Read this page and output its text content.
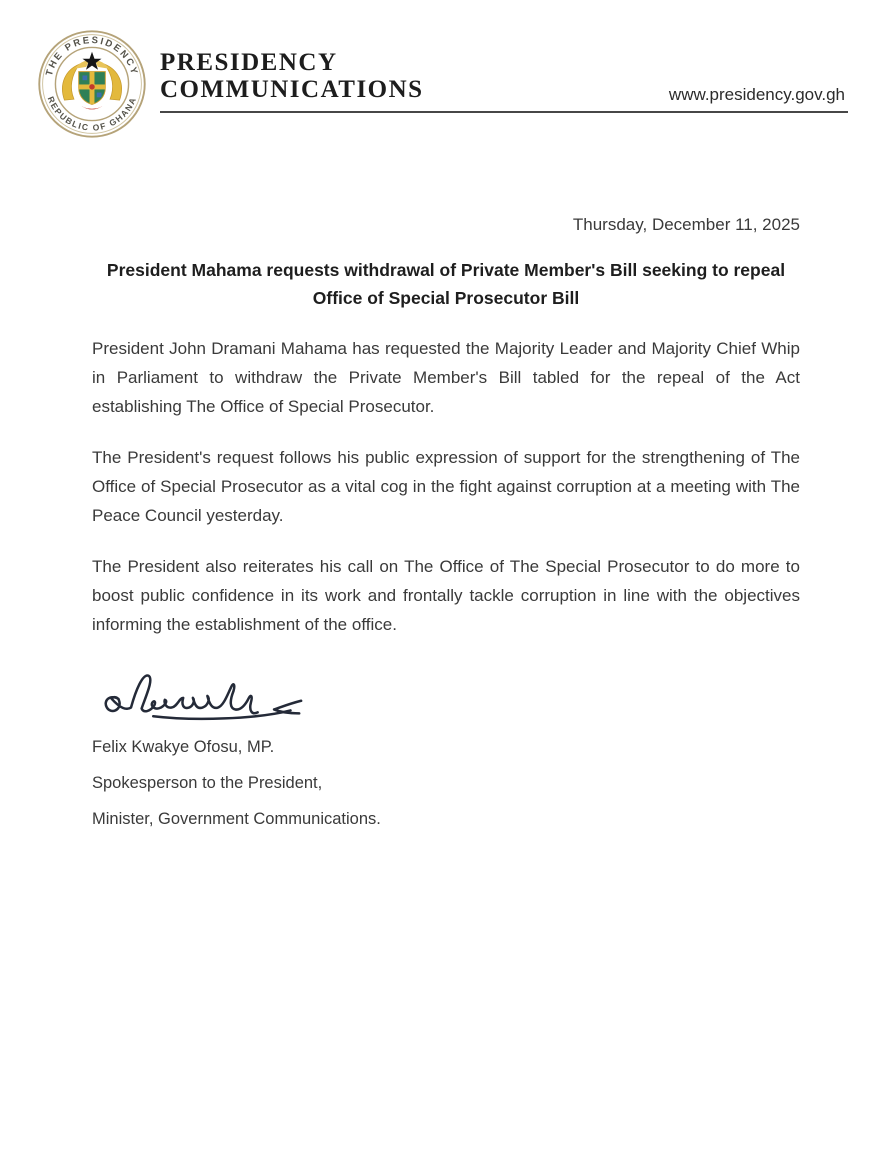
THE PRESIDENCY
REPUBLIC OF GHANA
PRESIDENCY
COMMUNICATIONS	www.presidency.gov.gh
Thursday, December 11, 2025
President Mahama requests withdrawal of Private Member's Bill seeking to repeal
Office of Special Prosecutor Bill

President John Dramani Mahama has requested the Majority Leader and Majority Chief Whip in Parliament to withdraw the Private Member's Bill tabled for the repeal of the Act establishing The Office of Special Prosecutor.

The President's request follows his public expression of support for the strengthening of The Office of Special Prosecutor as a vital cog in the fight against corruption at a meeting with The Peace Council yesterday.

The President also reiterates his call on The Office of The Special Prosecutor to do more to boost public confidence in its work and frontally tackle corruption in line with the objectives informing the establishment of the office.

Felix Kwakye Ofosu, MP.
Spokesperson to the President,
Minister, Government Communications.
